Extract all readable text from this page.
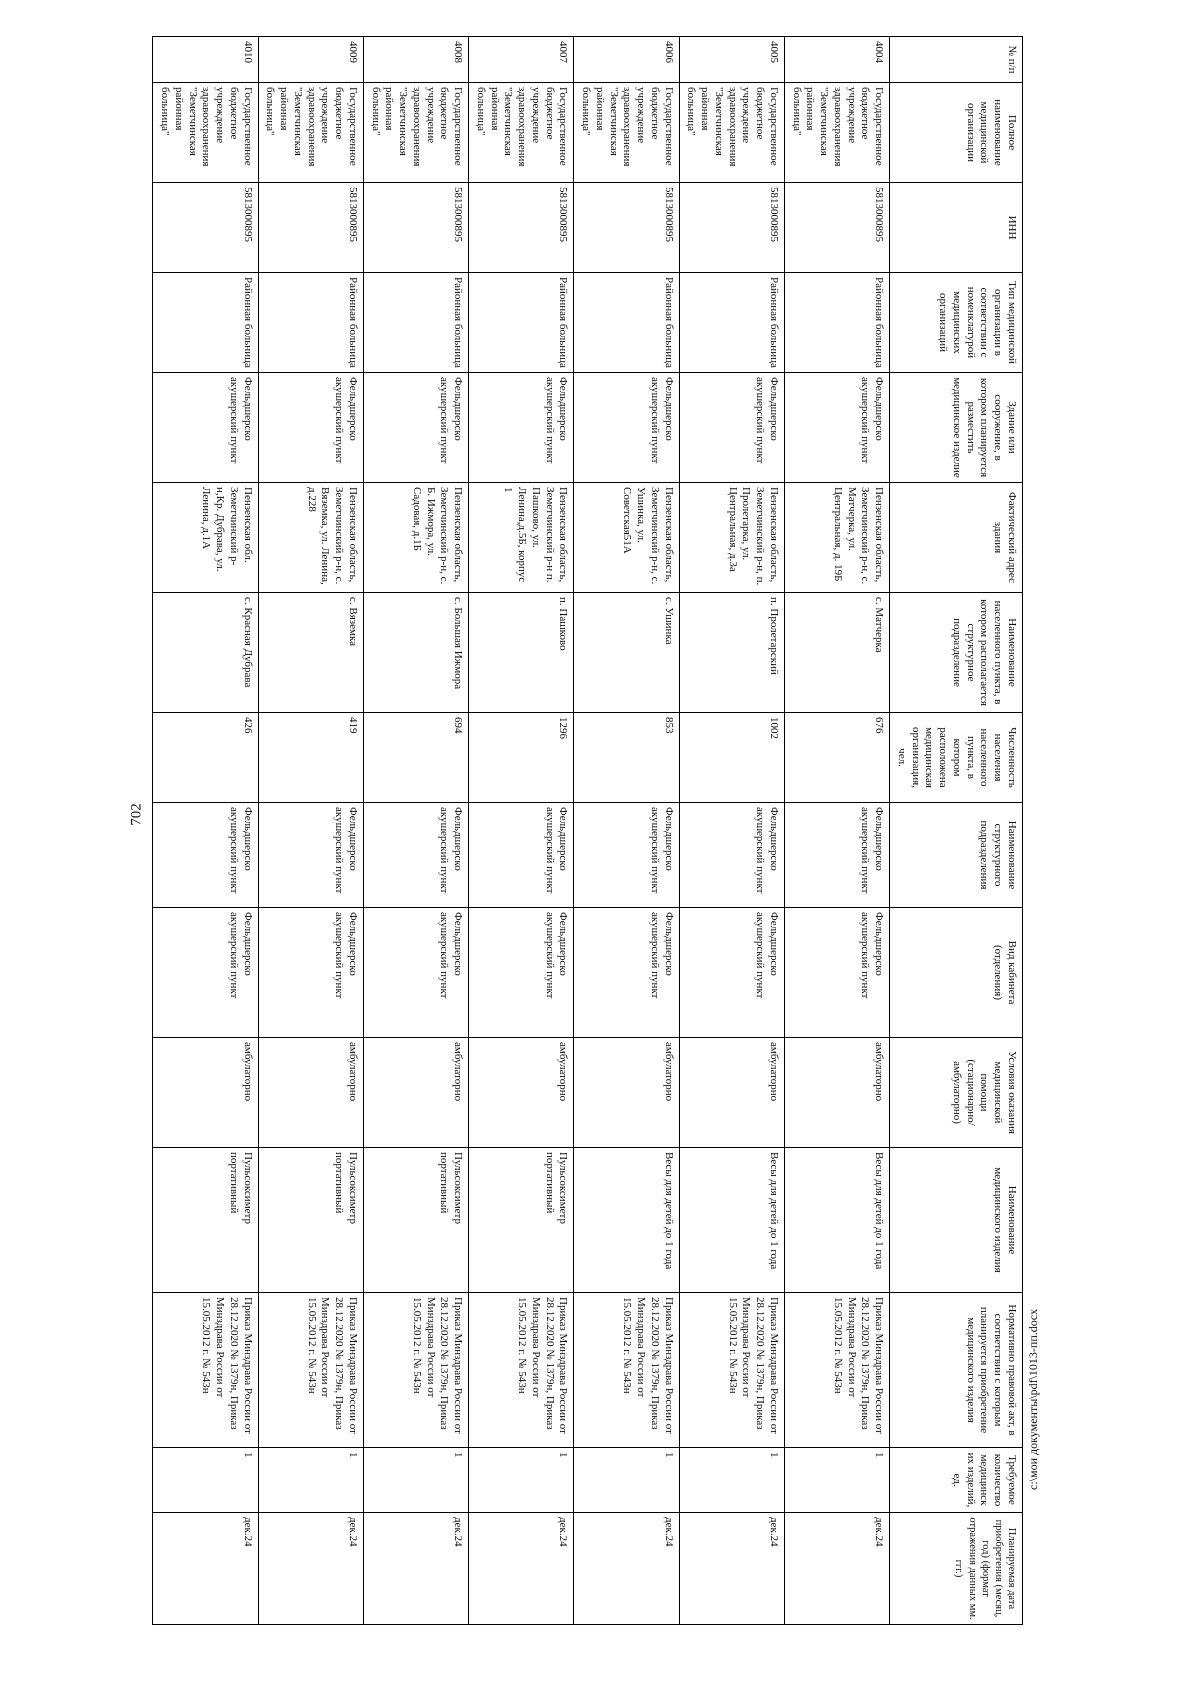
702
№ п/п	Полное наименование медицинской организации	ИНН	Тип медицинской организации в соответствии с номенклатурой медицинских организаций	Здание или сооружение, в котором планируется разместить медицинское изделие	Фактический адрес здания	Наименование населенного пункта, в котором располагается структурное подразделение	Численность населения населенного пункта, в котором расположена медицинская организация, чел.	Наименование структурного подразделения	Вид кабинета (отделения)	Условия оказания медицинской помощи (стационарно/ амбулаторно)	Наименование медицинского изделия	Нормативно правовой акт, в соответствии с которым планируется приобретение медицинского изделия	Требуемое количество медицинских изделий, ед.	Планируемая дата приобретения (месяц, год) (формат отражения данных мм. ггг.)
4004	Государственное бюджетное учреждение здравоохранения "Земетчинская районная больница"	5813000895	Районная больница	Фельдшерско акушерский пункт	Пензенская область, Земетчинский р-н, с. Матчерка, ул. Центральная, д. 19Б	с. Матчерка	676	Фельдшерско акушерский пункт	Фельдшерско акушерский пункт	амбулаторно	Весы для детей до 1 года	Приказ Минздрава России от 28.12.2020 № 1379н, Приказ Минздрава России от 15.05.2012 г. № 543н	1	дек.24
4005	Государственное бюджетное учреждение здравоохранения "Земетчинская районная больница"	5813000895	Районная больница	Фельдшерско акушерский пункт	Пензенская область, Земетчинский р-н, п. Пролетарка, ул. Центральная, д.3а	п. Пролетарский	1002	Фельдшерско акушерский пункт	Фельдшерско акушерский пункт	амбулаторно	Весы для детей до 1 года	Приказ Минздрава России от 28.12.2020 № 1379н, Приказ Минздрава России от 15.05.2012 г. № 543н	1	дек.24
4006	Государственное бюджетное учреждение здравоохранения "Земетчинская районная больница"	5813000895	Районная больница	Фельдшерско акушерский пункт	Пензенская область, Земетчинский р-н, с. Ушинка, ул. Советская51А	с. Ушинка	853	Фельдшерско акушерский пункт	Фельдшерско акушерский пункт	амбулаторно	Весы для детей до 1 года	Приказ Минздрава России от 28.12.2020 № 1379н, Приказ Минздрава России от 15.05.2012 г. № 543н	1	дек.24
4007	Государственное бюджетное учреждение здравоохранения "Земетчинская районная больница"	5813000895	Районная больница	Фельдшерско акушерский пункт	Пензенская область, Земетчинский р-н п. Пашково, ул. Ленина,д.5Б, корпус 1	п. Пашково	1296	Фельдшерско акушерский пункт	Фельдшерско акушерский пункт	амбулаторно	Пульсоксиметр портативный	Приказ Минздрава России от 28.12.2020 № 1379н, Приказ Минздрава России от 15.05.2012 г. № 543н	1	дек.24
4008	Государственное бюджетное учреждение здравоохранения "Земетчинская районная больница"	5813000895	Районная больница	Фельдшерско акушерский пункт	Пензенская область, Земетчинский р-н, с. Б. Ижмора, ул. Садовая, д.1Б	с. Большая Ижмора	694	Фельдшерско акушерский пункт	Фельдшерско акушерский пункт	амбулаторно	Пульсоксиметр портативный	Приказ Минздрава России от 28.12.2020 № 1379н, Приказ Минздрава России от 15.05.2012 г. № 543н	1	дек.24
4009	Государственное бюджетное учреждение здравоохранения "Земетчинская районная больница"	5813000895	Районная больница	Фельдшерско акушерский пункт	Пензенская область, Земетчинский р-н, с. Вяземка, ул. Ленина, д.228	с. Вяземка	419	Фельдшерско акушерский пункт	Фельдшерско акушерский пункт	амбулаторно	Пульсоксиметр портативный	Приказ Минздрава России от 28.12.2020 № 1379н, Приказ Минздрава России от 15.05.2012 г. № 543н	1	дек.24
4010	Государственное бюджетное учреждение здравоохранения "Земетчинская районная больница"	5813000895	Районная больница	Фельдшерско акушерский пункт	Пензенская обл. Земетчинский р-н,Кр. Дубрава, ул. Ленина, д.1А	с. Красная Дубрава	426	Фельдшерско акушерский пункт	Фельдшерско акушерский пункт	амбулаторно	Пульсоксиметр портативный	Приказ Минздрава России от 28.12.2020 № 1379н, Приказ Минздрава России от 15.05.2012 г. № 543н	1	дек.24
c:\мои документы\pdf\1013-пп.docx
